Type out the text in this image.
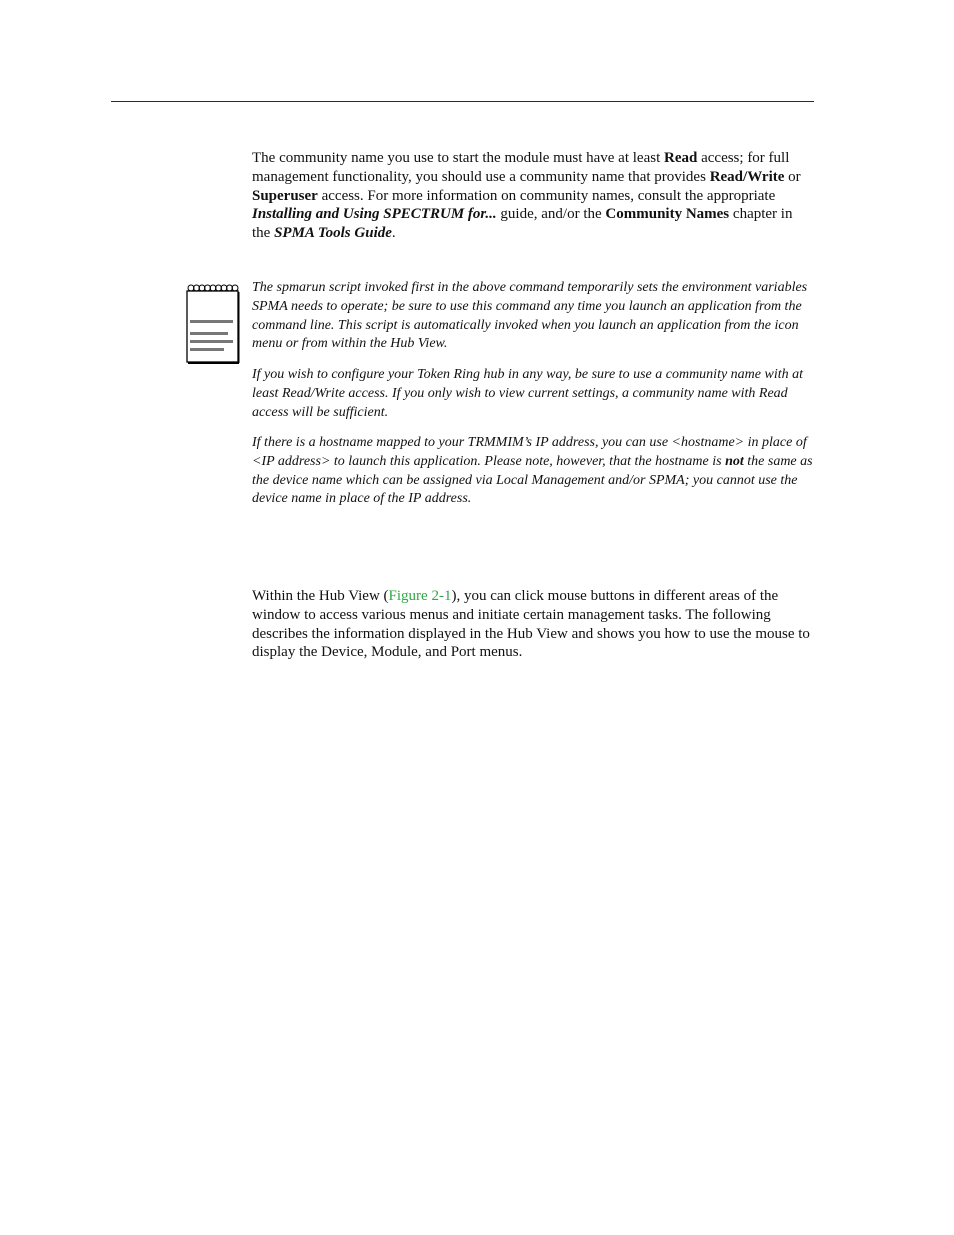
The community name you use to start the module must have at least Read access; for full management functionality, you should use a community name that provides Read/Write or Superuser access. For more information on community names, consult the appropriate Installing and Using SPECTRUM for... guide, and/or the Community Names chapter in the SPMA Tools Guide.

The spmarun script invoked first in the above command temporarily sets the environment variables SPMA needs to operate; be sure to use this command any time you launch an application from the command line. This script is automatically invoked when you launch an application from the icon menu or from within the Hub View.

If you wish to configure your Token Ring hub in any way, be sure to use a community name with at least Read/Write access. If you only wish to view current settings, a community name with Read access will be sufficient.

If there is a hostname mapped to your TRMMIM’s IP address, you can use <hostname> in place of <IP address> to launch this application. Please note, however, that the hostname is not the same as the device name which can be assigned via Local Management and/or SPMA; you cannot use the device name in place of the IP address.

Within the Hub View (Figure 2-1), you can click mouse buttons in different areas of the window to access various menus and initiate certain management tasks. The following describes the information displayed in the Hub View and shows you how to use the mouse to display the Device, Module, and Port menus.
